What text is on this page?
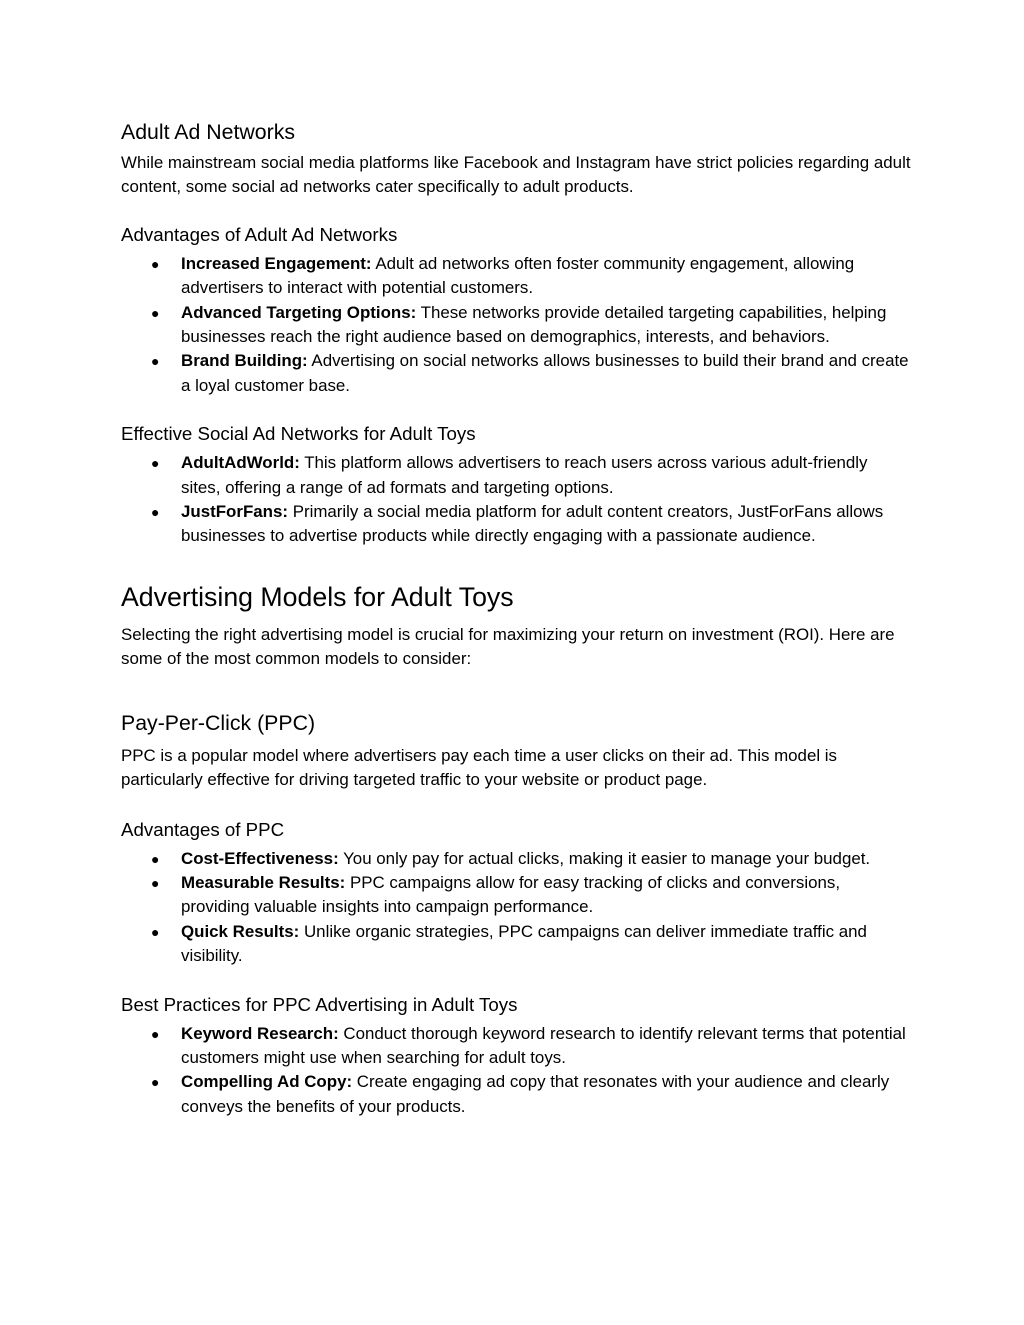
Adult Ad Networks

While mainstream social media platforms like Facebook and Instagram have strict policies regarding adult content, some social ad networks cater specifically to adult products.

Advantages of Adult Ad Networks
● Increased Engagement: Adult ad networks often foster community engagement, allowing advertisers to interact with potential customers.
● Advanced Targeting Options: These networks provide detailed targeting capabilities, helping businesses reach the right audience based on demographics, interests, and behaviors.
● Brand Building: Advertising on social networks allows businesses to build their brand and create a loyal customer base.
Effective Social Ad Networks for Adult Toys
● AdultAdWorld: This platform allows advertisers to reach users across various adult-friendly sites, offering a range of ad formats and targeting options.
● JustForFans: Primarily a social media platform for adult content creators, JustForFans allows businesses to advertise products while directly engaging with a passionate audience.
Advertising Models for Adult Toys

Selecting the right advertising model is crucial for maximizing your return on investment (ROI). Here are some of the most common models to consider:

Pay-Per-Click (PPC)

PPC is a popular model where advertisers pay each time a user clicks on their ad. This model is particularly effective for driving targeted traffic to your website or product page.

Advantages of PPC
● Cost-Effectiveness: You only pay for actual clicks, making it easier to manage your budget.
● Measurable Results: PPC campaigns allow for easy tracking of clicks and conversions, providing valuable insights into campaign performance.
● Quick Results: Unlike organic strategies, PPC campaigns can deliver immediate traffic and visibility.
Best Practices for PPC Advertising in Adult Toys
● Keyword Research: Conduct thorough keyword research to identify relevant terms that potential customers might use when searching for adult toys.
● Compelling Ad Copy: Create engaging ad copy that resonates with your audience and clearly conveys the benefits of your products.
